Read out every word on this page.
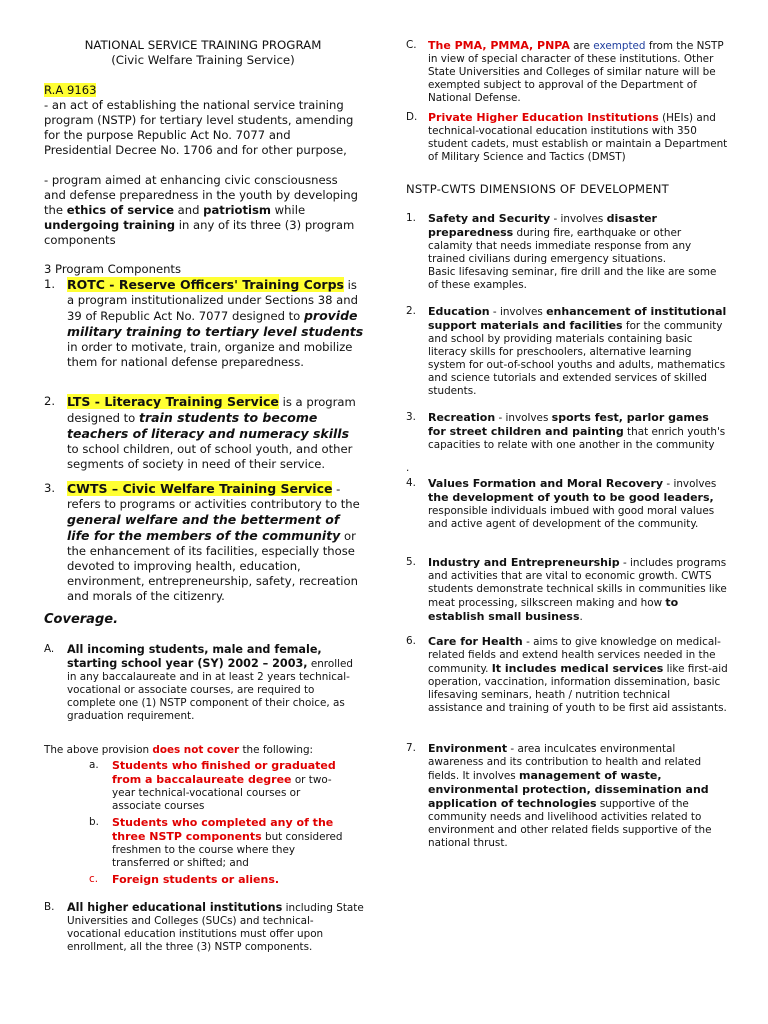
NATIONAL SERVICE TRAINING PROGRAM
(Civic Welfare Training Service)
R.A 9163
- an act of establishing the national service training program (NSTP) for tertiary level students, amending for the purpose Republic Act No. 7077 and Presidential Decree No. 1706 and for other purpose,
- program aimed at enhancing civic consciousness and defense preparedness in the youth by developing the ethics of service and patriotism while undergoing training in any of its three (3) program components
3 Program Components
1. ROTC - Reserve Officers' Training Corps is a program institutionalized under Sections 38 and 39 of Republic Act No. 7077 designed to provide military training to tertiary level students in order to motivate, train, organize and mobilize them for national defense preparedness.
2. LTS - Literacy Training Service is a program designed to train students to become teachers of literacy and numeracy skills to school children, out of school youth, and other segments of society in need of their service.
3. CWTS – Civic Welfare Training Service - refers to programs or activities contributory to the general welfare and the betterment of life for the members of the community or the enhancement of its facilities, especially those devoted to improving health, education, environment, entrepreneurship, safety, recreation and morals of the citizenry.
Coverage.
A. All incoming students, male and female, starting school year (SY) 2002 – 2003, enrolled in any baccalaureate and in at least 2 years technical-vocational or associate courses, are required to complete one (1) NSTP component of their choice, as graduation requirement.
The above provision does not cover the following:
a. Students who finished or graduated from a baccalaureate degree or two-year technical-vocational courses or associate courses
b. Students who completed any of the three NSTP components but considered freshmen to the course where they transferred or shifted; and
c. Foreign students or aliens.
B. All higher educational institutions including State Universities and Colleges (SUCs) and technical-vocational education institutions must offer upon enrollment, all the three (3) NSTP components.
C. The PMA, PMMA, PNPA are exempted from the NSTP in view of special character of these institutions. Other State Universities and Colleges of similar nature will be exempted subject to approval of the Department of National Defense.
D. Private Higher Education Institutions (HEIs) and technical-vocational education institutions with 350 student cadets, must establish or maintain a Department of Military Science and Tactics (DMST)
NSTP-CWTS DIMENSIONS OF DEVELOPMENT
1. Safety and Security - involves disaster preparedness during fire, earthquake or other calamity that needs immediate response from any trained civilians during emergency situations.
Basic lifesaving seminar, fire drill and the like are some of these examples.
2. Education - involves enhancement of institutional support materials and facilities for the community and school by providing materials containing basic literacy skills for preschoolers, alternative learning system for out-of-school youths and adults, mathematics and science tutorials and extended services of skilled students.
3. Recreation - involves sports fest, parlor games for street children and painting that enrich youth's capacities to relate with one another in the community
.
4. Values Formation and Moral Recovery - involves the development of youth to be good leaders, responsible individuals imbued with good moral values and active agent of development of the community.
5. Industry and Entrepreneurship - includes programs and activities that are vital to economic growth. CWTS students demonstrate technical skills in communities like meat processing, silkscreen making and how to establish small business.
6. Care for Health - aims to give knowledge on medical-related fields and extend health services needed in the community. It includes medical services like first-aid operation, vaccination, information dissemination, basic lifesaving seminars, heath / nutrition technical assistance and training of youth to be first aid assistants.
7. Environment - area inculcates environmental awareness and its contribution to health and related fields. It involves management of waste, environmental protection, dissemination and application of technologies supportive of the community needs and livelihood activities related to environment and other related fields supportive of the national thrust.
